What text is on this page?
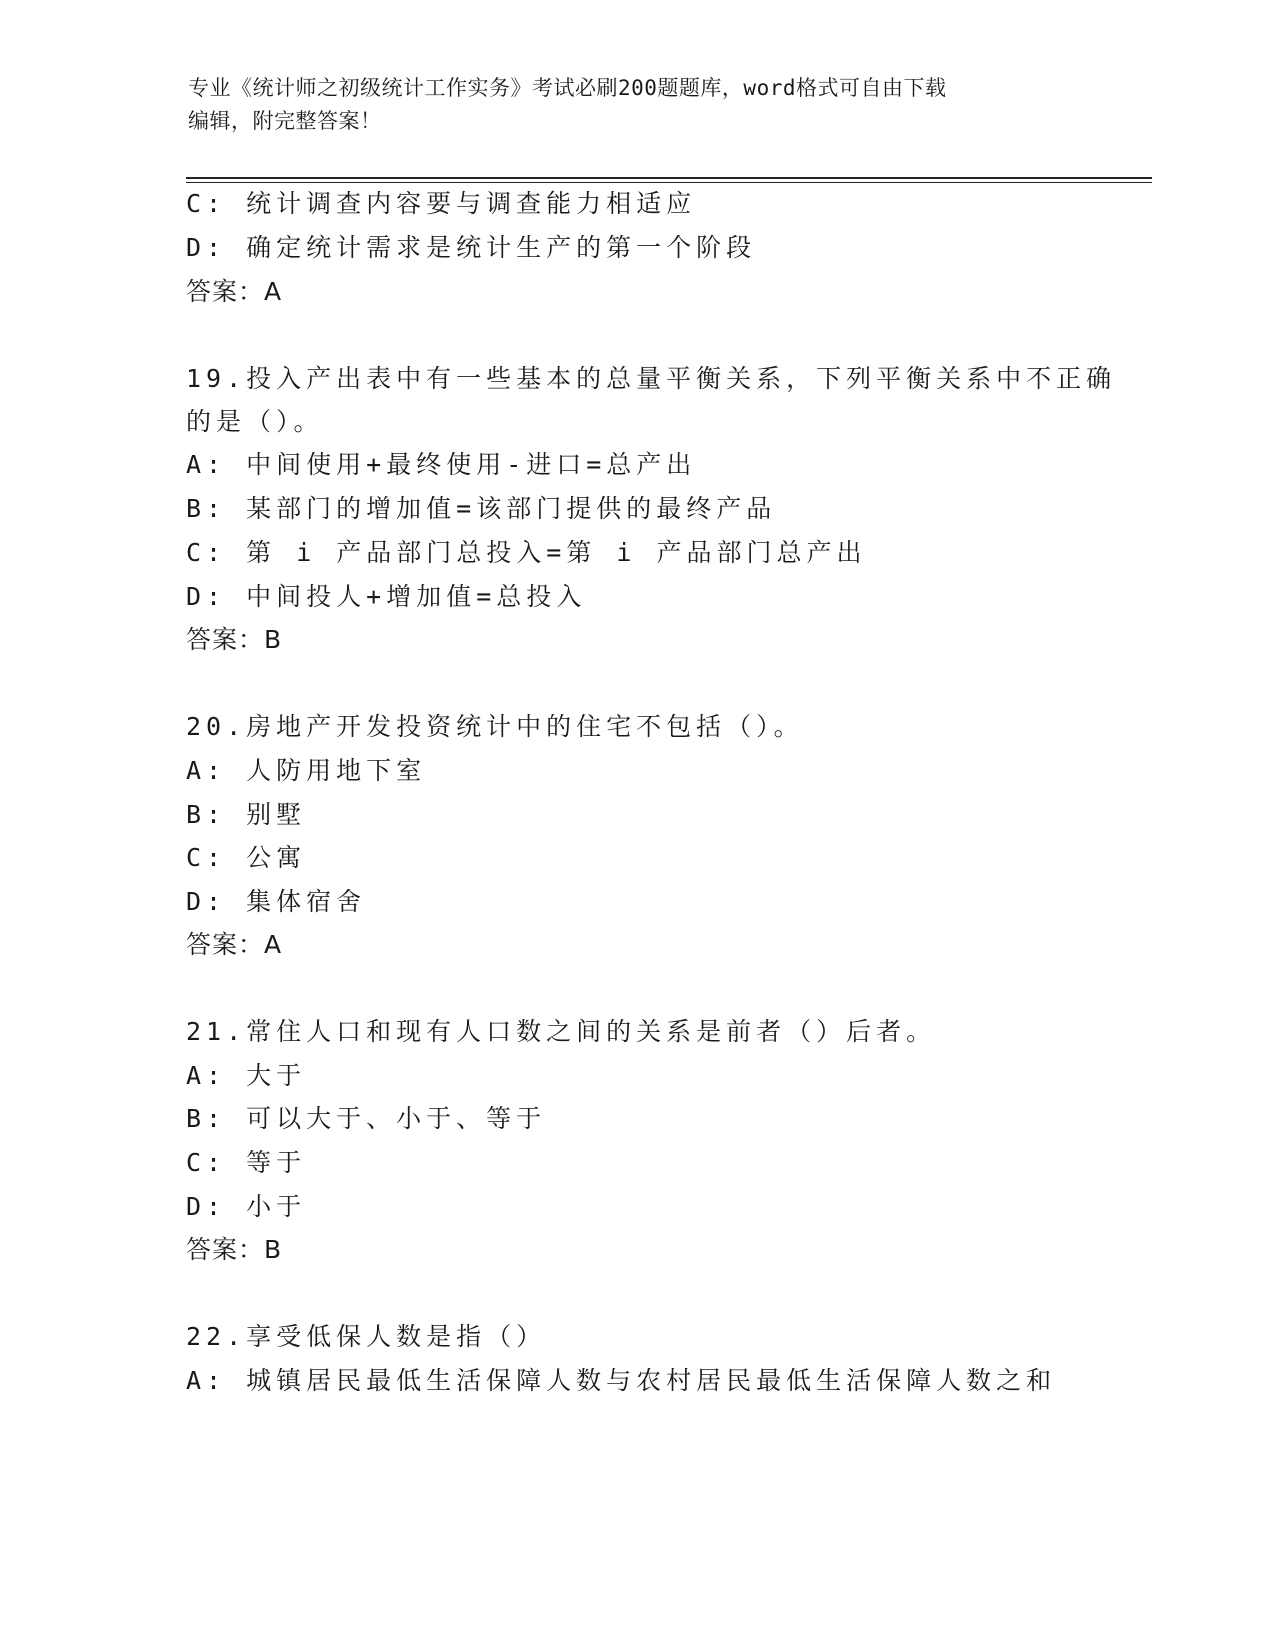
专业《统计师之初级统计工作实务》考试必刷200题题库，word格式可自由下载
编辑，附完整答案！
C: 统计调查内容要与调查能力相适应
D: 确定统计需求是统计生产的第一个阶段
答案：A
19.投入产出表中有一些基本的总量平衡关系，下列平衡关系中不正确
的是（）。
A: 中间使用+最终使用-进口=总产出
B: 某部门的增加值=该部门提供的最终产品
C: 第 i 产品部门总投入=第 i 产品部门总产出
D: 中间投人+增加值=总投入
答案：B
20.房地产开发投资统计中的住宅不包括（）。
A: 人防用地下室
B: 别墅
C: 公寓
D: 集体宿舍
答案：A
21.常住人口和现有人口数之间的关系是前者（）后者。
A: 大于
B: 可以大于、小于、等于
C: 等于
D: 小于
答案：B
22.享受低保人数是指（）
A: 城镇居民最低生活保障人数与农村居民最低生活保障人数之和
